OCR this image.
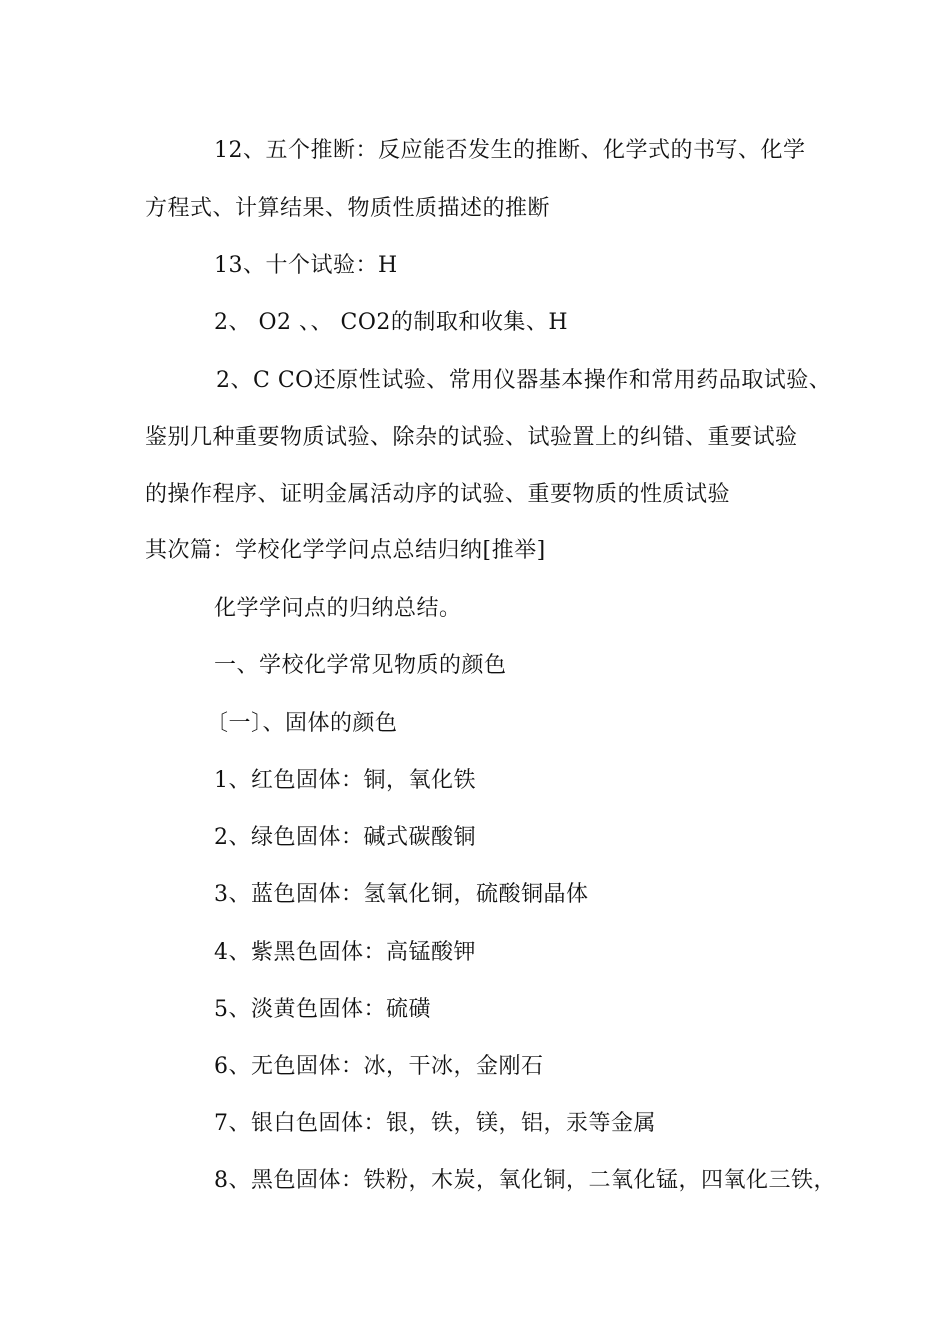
12、五个推断：反应能否发生的推断、化学式的书写、化学
方程式、计算结果、物质性质描述的推断
13、十个试验：H
2、 O2 、、 CO2的制取和收集、H
2、C CO还原性试验、常用仪器基本操作和常用药品取试验、
鉴别几种重要物质试验、除杂的试验、试验置上的纠错、重要试验
的操作程序、证明金属活动序的试验、重要物质的性质试验
其次篇：学校化学学问点总结归纳[推举]
化学学问点的归纳总结。
一、学校化学常见物质的颜色
〔一〕、固体的颜色
1、红色固体：铜，氧化铁
2、绿色固体：碱式碳酸铜
3、蓝色固体：氢氧化铜，硫酸铜晶体
4、紫黑色固体：高锰酸钾
5、淡黄色固体：硫磺
6、无色固体：冰，干冰，金刚石
7、银白色固体：银，铁，镁，铝，汞等金属
8、黑色固体：铁粉，木炭，氧化铜，二氧化锰，四氧化三铁，
